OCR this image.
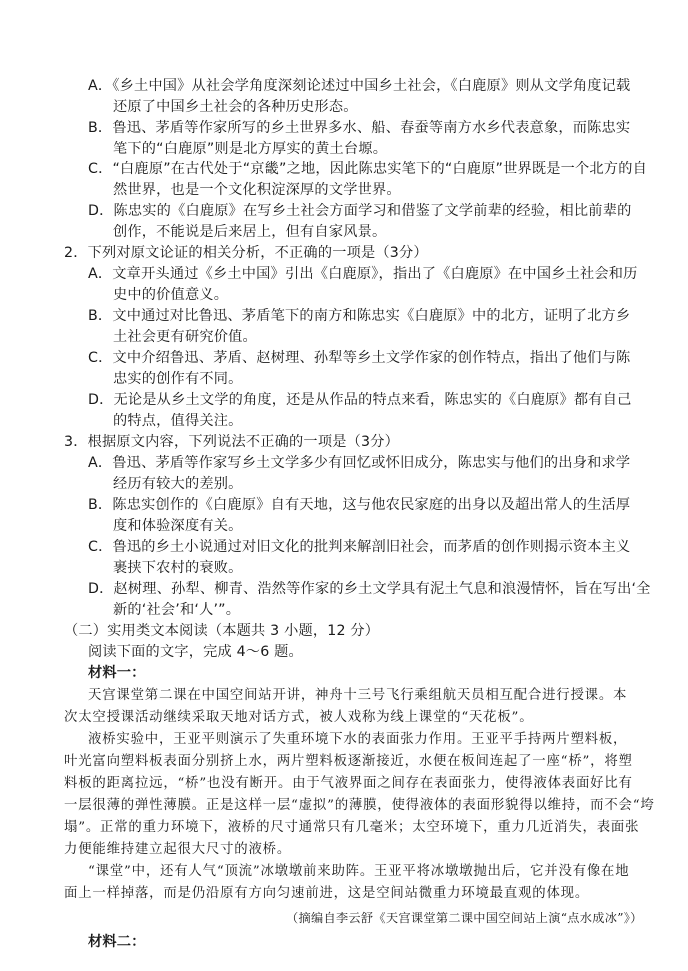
A．《乡土中国》从社会学角度深刻论述过中国乡土社会，《白鹿原》则从文学角度记载
还原了中国乡土社会的各种历史形态。
B．鲁迅、茅盾等作家所写的乡土世界多水、船、春蚕等南方水乡代表意象，而陈忠实
笔下的“白鹿原”则是北方厚实的黄土台塬。
C．“白鹿原”在古代处于“京畿”之地，因此陈忠实笔下的“白鹿原”世界既是一个北方的自
然世界，也是一个文化积淀深厚的文学世界。
D．陈忠实的《白鹿原》在写乡土社会方面学习和借鉴了文学前辈的经验，相比前辈的
创作，不能说是后来居上，但有自家风景。
2．下列对原文论证的相关分析，不正确的一项是（3分）
A．文章开头通过《乡土中国》引出《白鹿原》，指出了《白鹿原》在中国乡土社会和历
史中的价值意义。
B．文中通过对比鲁迅、茅盾笔下的南方和陈忠实《白鹿原》中的北方，证明了北方乡
土社会更有研究价值。
C．文中介绍鲁迅、茅盾、赵树理、孙犁等乡土文学作家的创作特点，指出了他们与陈
忠实的创作有不同。
D．无论是从乡土文学的角度，还是从作品的特点来看，陈忠实的《白鹿原》都有自己
的特点，值得关注。
3．根据原文内容，下列说法不正确的一项是（3分）
A．鲁迅、茅盾等作家写乡土文学多少有回忆或怀旧成分，陈忠实与他们的出身和求学
经历有较大的差别。
B．陈忠实创作的《白鹿原》自有天地，这与他农民家庭的出身以及超出常人的生活厚
度和体验深度有关。
C．鲁迅的乡土小说通过对旧文化的批判来解剖旧社会，而茅盾的创作则揭示资本主义
裹挟下农村的衰败。
D．赵树理、孙犁、柳青、浩然等作家的乡土文学具有泥土气息和浪漫情怀，旨在写出‘全
新的‘社会’和‘人’”。
（二）实用类文本阅读（本题共 3 小题，12 分）
阅读下面的文字，完成 4～6 题。
材料一：
天宫课堂第二课在中国空间站开讲，神舟十三号飞行乘组航天员相互配合进行授课。本
次太空授课活动继续采取天地对话方式，被人戏称为线上课堂的“天花板”。
液桥实验中，王亚平则演示了失重环境下水的表面张力作用。王亚平手持两片塑料板，
叶光富向塑料板表面分别挤上水，两片塑料板逐渐接近，水便在板间连起了一座“桥”，将塑
料板的距离拉远，“桥”也没有断开。由于气液界面之间存在表面张力，使得液体表面好比有
一层很薄的弹性薄膜。正是这样一层“虚拟”的薄膜，使得液体的表面形貌得以维持，而不会“垮
塌”。正常的重力环境下，液桥的尺寸通常只有几毫米；太空环境下，重力几近消失，表面张
力便能维持建立起很大尺寸的液桥。
“课堂”中，还有人气“顶流”冰墩墩前来助阵。王亚平将冰墩墩抛出后，它并没有像在地
面上一样掉落，而是仍沿原有方向匀速前进，这是空间站微重力环境最直观的体现。
（摘编自李云舒《天宫课堂第二课中国空间站上演“点水成冰”》）
材料二：
